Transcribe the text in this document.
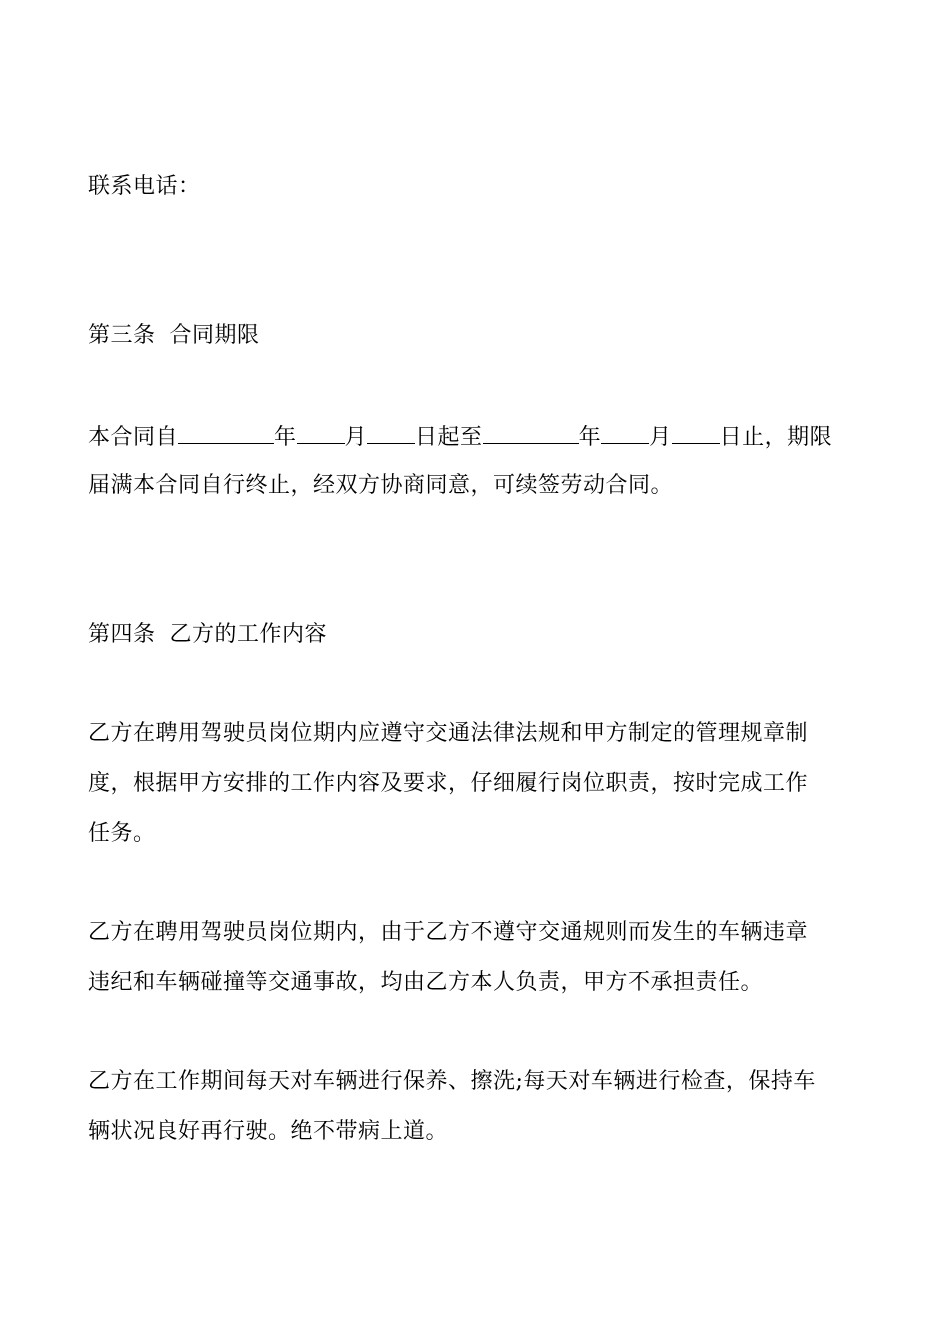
联系电话：
第三条 合同期限
本合同自	年 月 日起至	年 月 日止，期限
届满本合同自行终止，经双方协商同意，可续签劳动合同。
第四条 乙方的工作内容
乙方在聘用驾驶员岗位期内应遵守交通法律法规和甲方制定的管理规章制
度，根据甲方安排的工作内容及要求，仔细履行岗位职责，按时完成工作
任务。
乙方在聘用驾驶员岗位期内，由于乙方不遵守交通规则而发生的车辆违章
违纪和车辆碰撞等交通事故，均由乙方本人负责，甲方不承担责任。
乙方在工作期间每天对车辆进行保养、擦洗;每天对车辆进行检查，保持车
辆状况良好再行驶。绝不带病上道。
